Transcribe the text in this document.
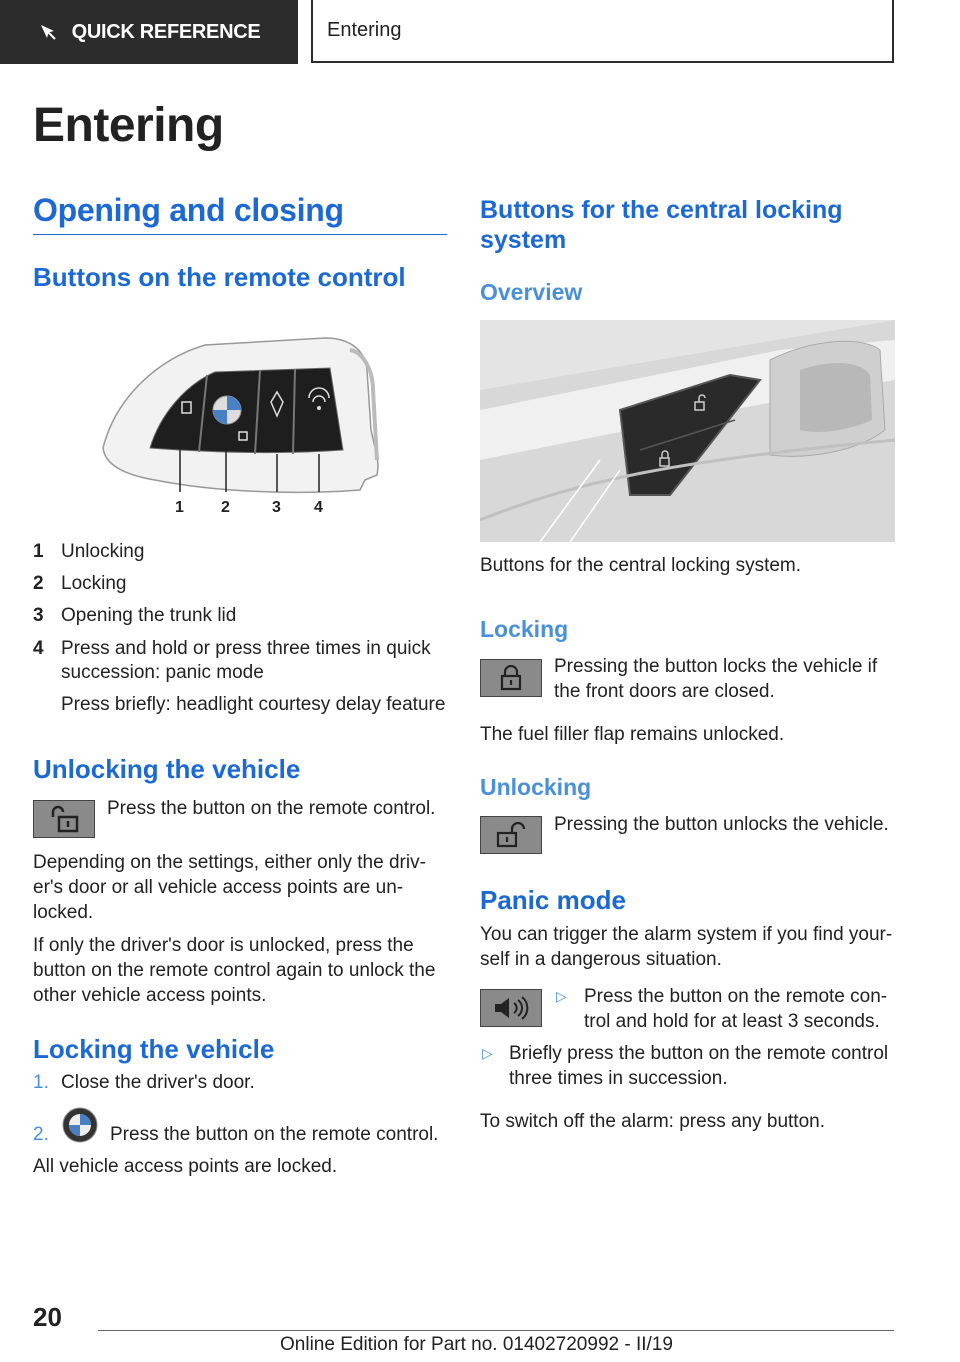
QUICK REFERENCE	Entering
Entering
Opening and closing
Buttons on the remote control
1 2	3 4
1 Unlocking
2 Locking
3 Opening the trunk lid
4 Press and hold or press three times in quick
succession: panic mode
Press briefly: headlight courtesy delay feature
Unlocking the vehicle
Press the button on the remote control.
Depending on the settings, either only the driv-
er's door or all vehicle access points are un-
locked.
If only the driver's door is unlocked, press the
button on the remote control again to unlock the
other vehicle access points.
Locking the vehicle
1. Close the driver's door.
2.	Press the button on the remote control.
All vehicle access points are locked.
Buttons for the central locking
system
Overview
Buttons for the central locking system.
Locking
Pressing the button locks the vehicle if
the front doors are closed.
The fuel filler flap remains unlocked.
Unlocking
Pressing the button unlocks the vehicle.
Panic mode
You can trigger the alarm system if you find your-
self in a dangerous situation.
▷ Press the button on the remote con-
trol and hold for at least 3 seconds.
▷ Briefly press the button on the remote control
three times in succession.
To switch off the alarm: press any button.
20
Online Edition for Part no. 01402720992 - II/19
